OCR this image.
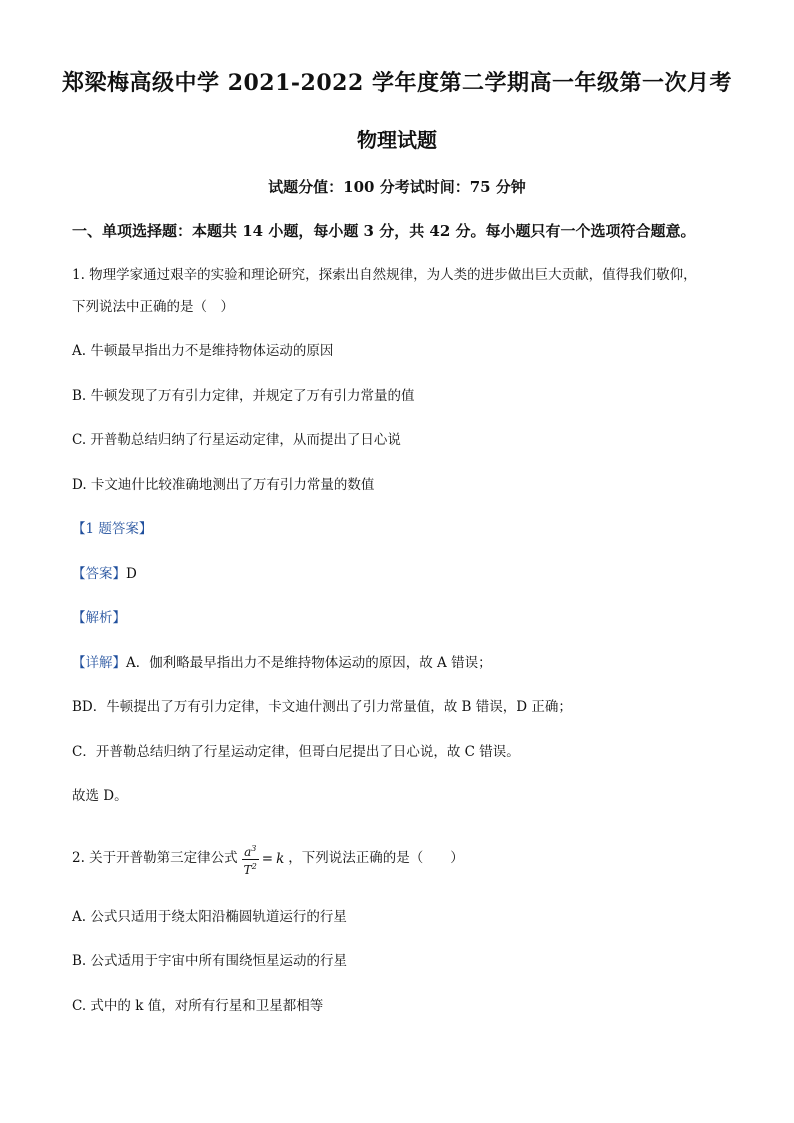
郑梁梅高级中学 2021-2022 学年度第二学期高一年级第一次月考
物理试题
试题分值：100 分考试时间：75 分钟
一、单项选择题：本题共 14 小题，每小题 3 分，共 42 分。每小题只有一个选项符合题意。
1. 物理学家通过艰辛的实验和理论研究，探索出自然规律，为人类的进步做出巨大贡献，值得我们敬仰，
下列说法中正确的是（　）
A. 牛顿最早指出力不是维持物体运动的原因
B. 牛顿发现了万有引力定律，并规定了万有引力常量的值
C. 开普勒总结归纳了行星运动定律，从而提出了日心说
D. 卡文迪什比较准确地测出了万有引力常量的数值
【1 题答案】
【答案】D
【解析】
【详解】A．伽利略最早指出力不是维持物体运动的原因，故 A 错误；
BD．牛顿提出了万有引力定律，卡文迪什测出了引力常量值，故 B 错误，D 正确；
C．开普勒总结归纳了行星运动定律，但哥白尼提出了日心说，故 C 错误。
故选 D。
2. 关于开普勒第三定律公式 $\frac{a^3}{T^2} = k$ ，下列说法正确的是（　　）
A. 公式只适用于绕太阳沿椭圆轨道运行的行星
B. 公式适用于宇宙中所有围绕恒星运动的行星
C. 式中的 k 值，对所有行星和卫星都相等
